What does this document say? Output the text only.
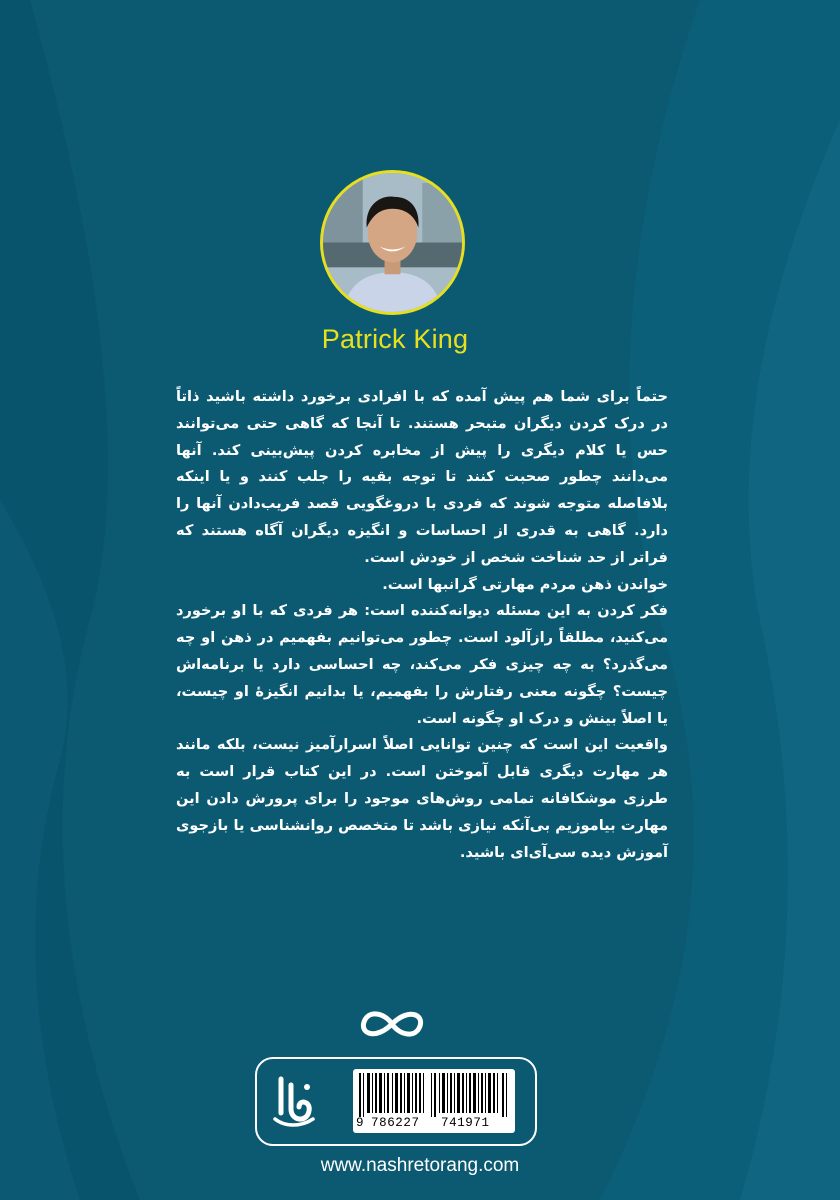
Patrick King

حتماً برای شما هم پیش آمده که با افرادی برخورد داشته باشید ذاتاً در درک کردن دیگران متبحر هستند. تا آنجا که گاهی حتی می‌توانند حس یا کلام دیگری را پیش از مخابره کردن پیش‌بینی کند. آنها می‌دانند چطور صحبت کنند تا توجه بقیه را جلب کنند و یا اینکه بلافاصله متوجه شوند که فردی با دروغگویی قصد فریب‌دادن آنها را دارد. گاهی به قدری از احساسات و انگیزه دیگران آگاه هستند که فراتر از حد شناخت شخص از خودش است.

خواندن ذهن مردم مهارتی گرانبها است.

فکر کردن به این مسئله دیوانه‌کننده است: هر فردی که با او برخورد می‌کنید، مطلقاً رازآلود است. چطور می‌توانیم بفهمیم در ذهن او چه می‌گذرد؟ به چه چیزی فکر می‌کند، چه احساسی دارد یا برنامه‌اش چیست؟ چگونه معنی رفتارش را بفهمیم، یا بدانیم انگیزهٔ او چیست، یا اصلاً بینش و درک او چگونه است.

واقعیت این است که چنین توانایی اصلاً اسرارآمیز نیست، بلکه مانند هر مهارت دیگری قابل آموختن است. در این کتاب قرار است به طرزی موشکافانه تمامی روش‌های موجود را برای پرورش دادن این مهارت بیاموزیم بی‌آنکه نیازی باشد تا متخصص روانشناسی یا بازجوی آموزش دیده سی‌آی‌ای باشید.

9 786227 741971
www.nashretorang.com
